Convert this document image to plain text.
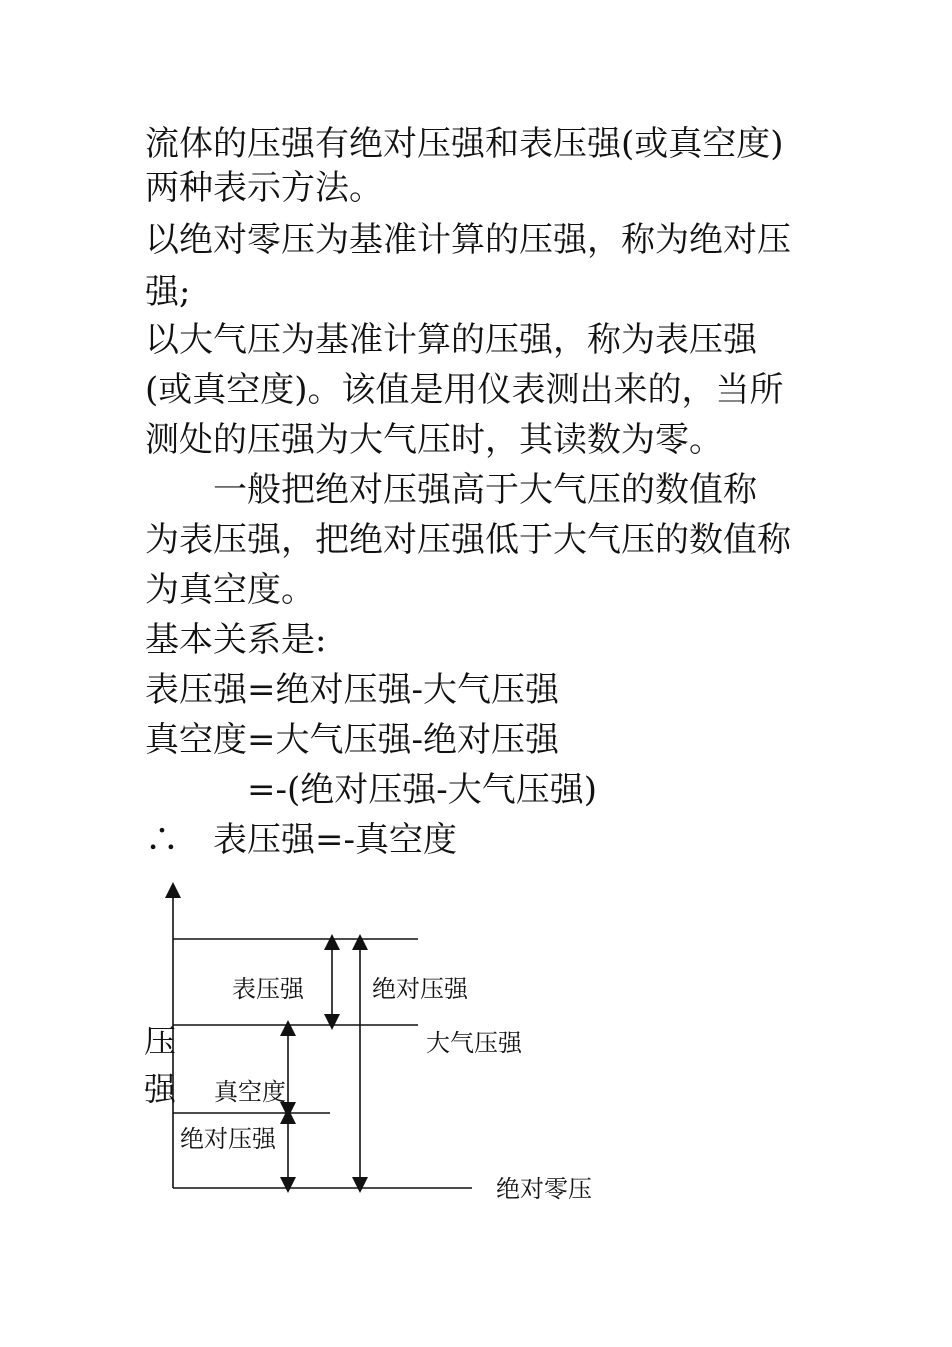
流体的压强有绝对压强和表压强(或真空度)
两种表示方法。
以绝对零压为基准计算的压强，称为绝对压
强;
以大气压为基准计算的压强，称为表压强
(或真空度)。该值是用仪表测出来的，当所
测处的压强为大气压时，其读数为零。
　　一般把绝对压强高于大气压的数值称
为表压强，把绝对压强低于大气压的数值称
为真空度。
基本关系是:
表压强=绝对压强-大气压强
真空度=大气压强-绝对压强
　　　=-(绝对压强-大气压强)
∴　表压强=-真空度
表压强	绝对压强
大气压强
真空度
绝对压强
绝对零压
压
强
